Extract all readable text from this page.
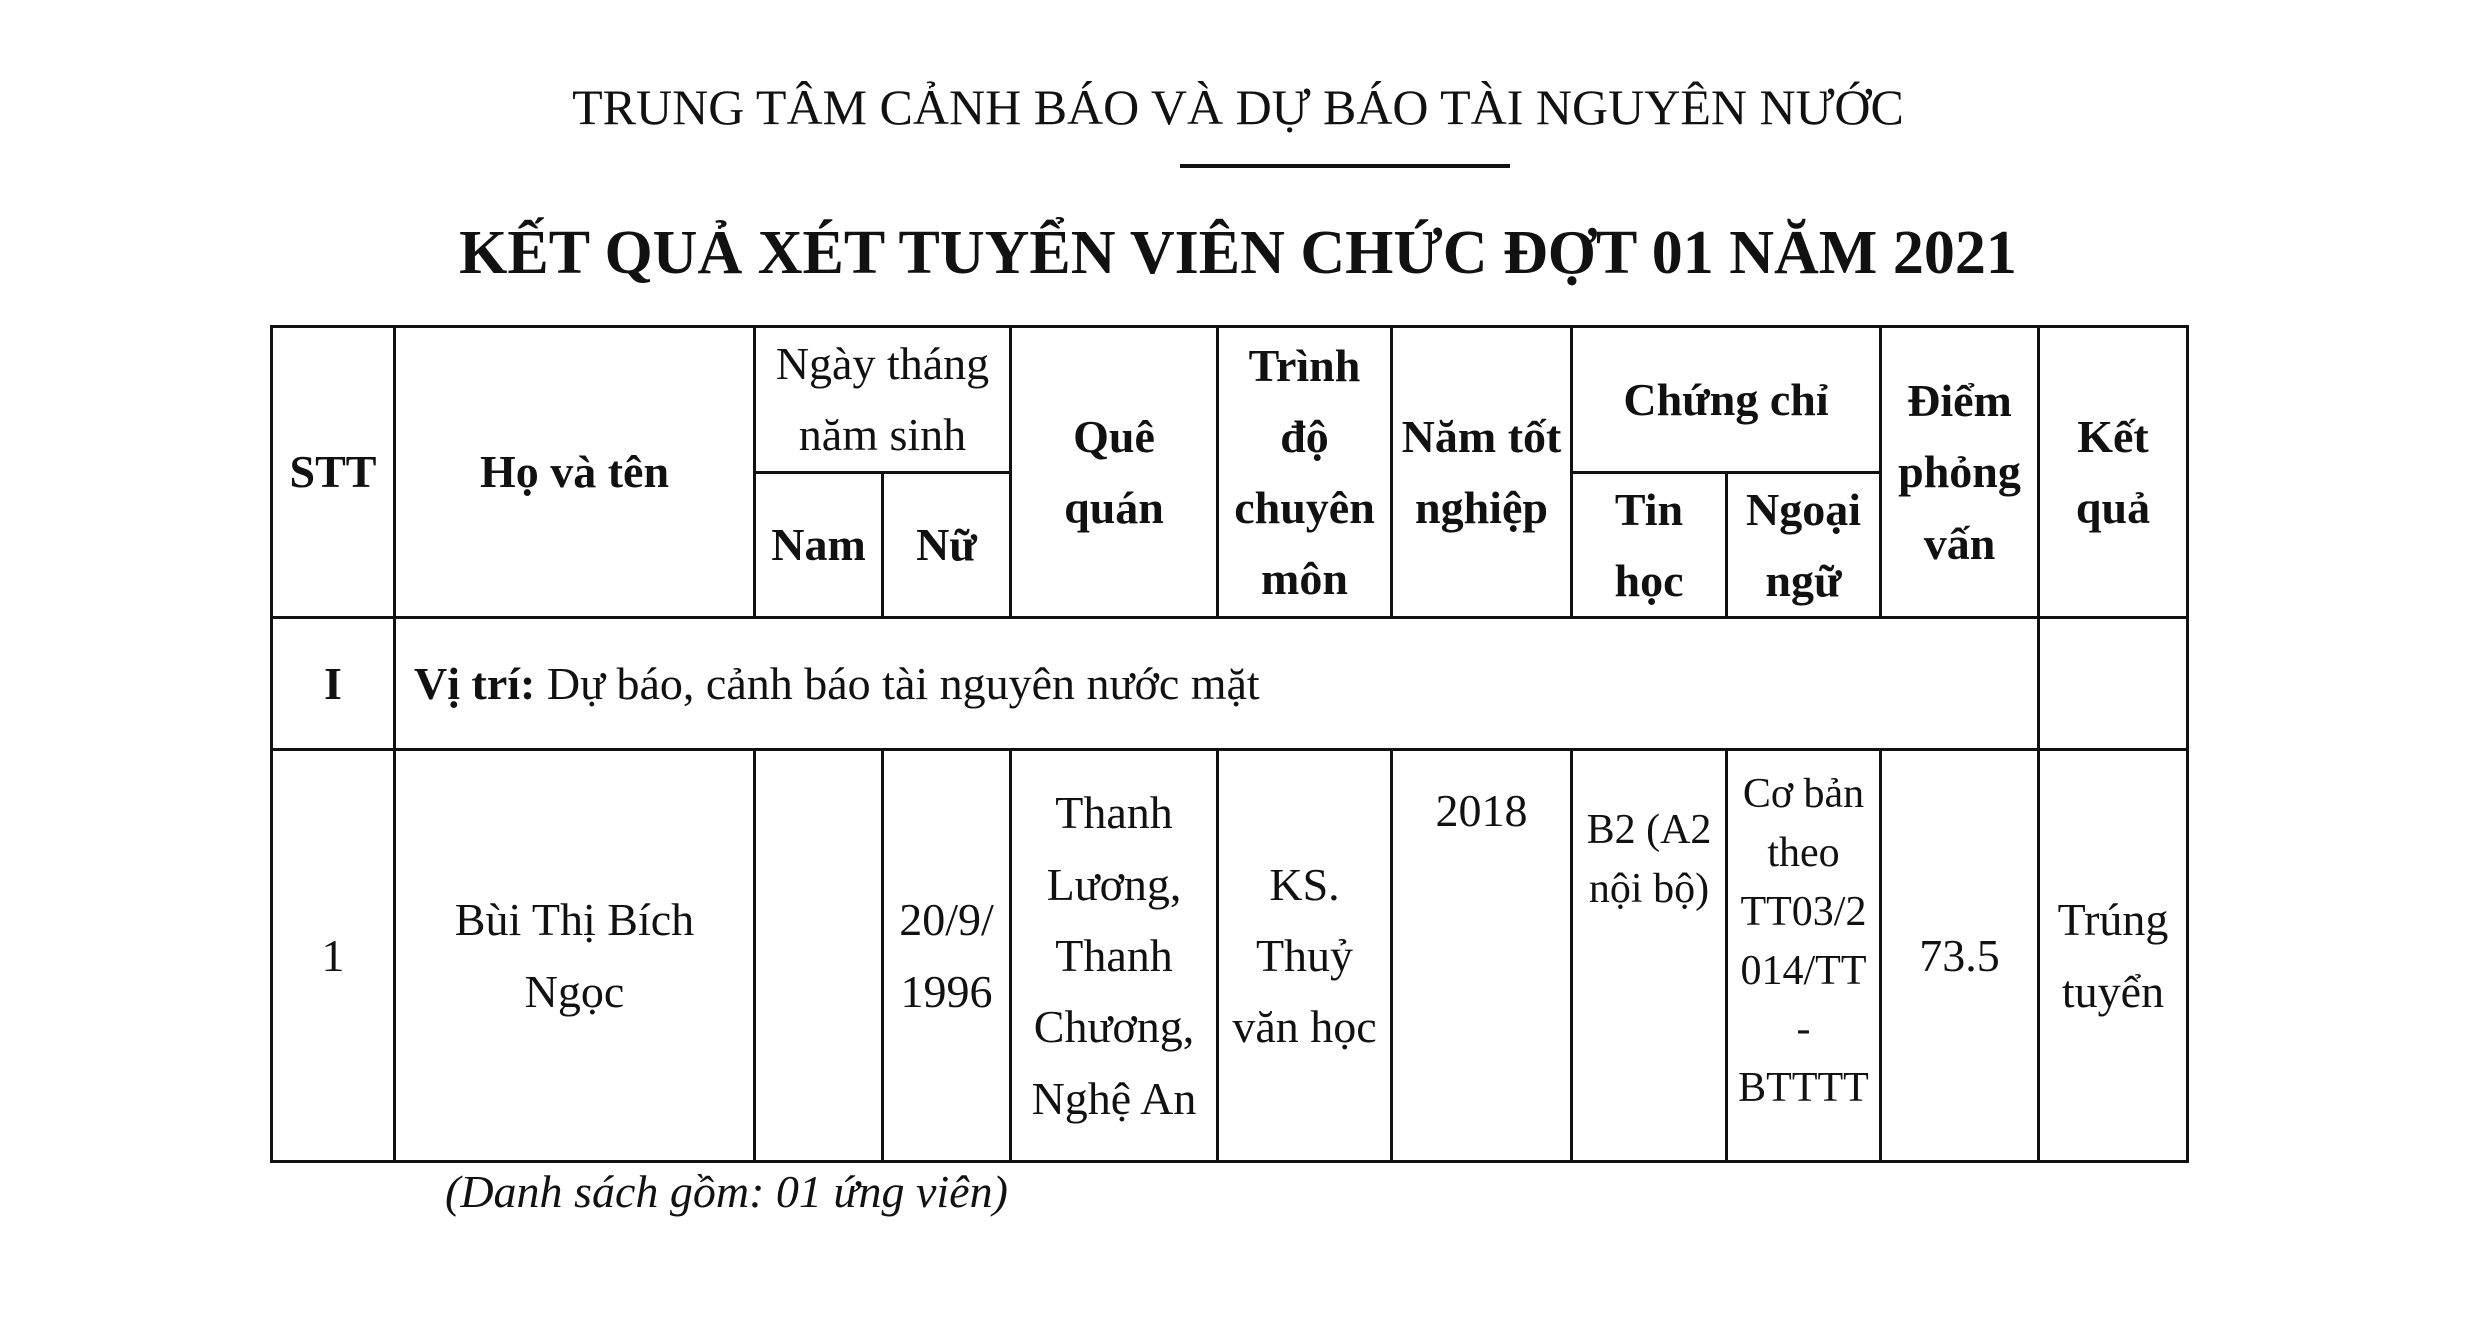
TRUNG TÂM CẢNH BÁO VÀ DỰ BÁO TÀI NGUYÊN NƯỚC
KẾT QUẢ XÉT TUYỂN VIÊN CHỨC ĐỢT 01 NĂM 2021
STT	Họ và tên	Ngày tháng năm sinh		Quê quán	Trình độ chuyên môn	Năm tốt nghiệp	Chứng chỉ		Điểm phỏng vấn	Kết quả
		Nam	Nữ				Tin học	Ngoại ngữ		
I	Vị trí: Dự báo, cảnh báo tài nguyên nước mặt									
1	Bùi Thị Bích Ngọc		20/9/ 1996	Thanh Lương, Thanh Chương, Nghệ An	KS. Thuỷ văn học	2018	B2 (A2 nội bộ)	Cơ bản theo TT03/2 014/TT - BTTTT	73.5	Trúng tuyển
(Danh sách gồm: 01 ứng viên)
